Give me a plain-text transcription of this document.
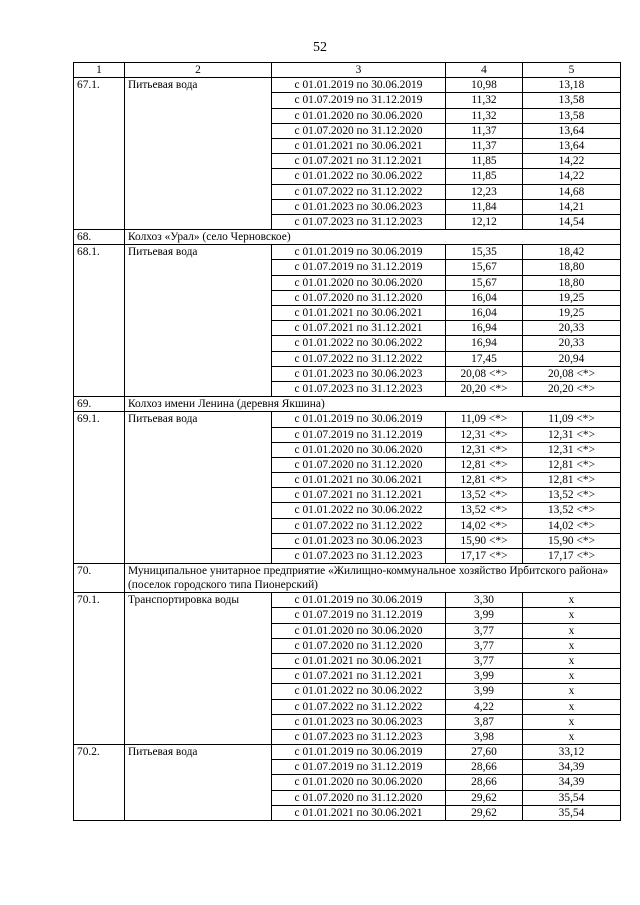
52
1	2	3	4	5
67.1.	Питьевая вода	с 01.01.2019 по 30.06.2019	10,98	13,18
		с 01.07.2019 по 31.12.2019	11,32	13,58
		с 01.01.2020 по 30.06.2020	11,32	13,58
		с 01.07.2020 по 31.12.2020	11,37	13,64
		с 01.01.2021 по 30.06.2021	11,37	13,64
		с 01.07.2021 по 31.12.2021	11,85	14,22
		с 01.01.2022 по 30.06.2022	11,85	14,22
		с 01.07.2022 по 31.12.2022	12,23	14,68
		с 01.01.2023 по 30.06.2023	11,84	14,21
		с 01.07.2023 по 31.12.2023	12,12	14,54
68.	Колхоз «Урал» (село Черновское)			
68.1.	Питьевая вода	с 01.01.2019 по 30.06.2019	15,35	18,42
		с 01.07.2019 по 31.12.2019	15,67	18,80
		с 01.01.2020 по 30.06.2020	15,67	18,80
		с 01.07.2020 по 31.12.2020	16,04	19,25
		с 01.01.2021 по 30.06.2021	16,04	19,25
		с 01.07.2021 по 31.12.2021	16,94	20,33
		с 01.01.2022 по 30.06.2022	16,94	20,33
		с 01.07.2022 по 31.12.2022	17,45	20,94
		с 01.01.2023 по 30.06.2023	20,08 <*>	20,08 <*>
		с 01.07.2023 по 31.12.2023	20,20 <*>	20,20 <*>
69.	Колхоз имени Ленина (деревня Якшина)			
69.1.	Питьевая вода	с 01.01.2019 по 30.06.2019	11,09 <*>	11,09 <*>
		с 01.07.2019 по 31.12.2019	12,31 <*>	12,31 <*>
		с 01.01.2020 по 30.06.2020	12,31 <*>	12,31 <*>
		с 01.07.2020 по 31.12.2020	12,81 <*>	12,81 <*>
		с 01.01.2021 по 30.06.2021	12,81 <*>	12,81 <*>
		с 01.07.2021 по 31.12.2021	13,52 <*>	13,52 <*>
		с 01.01.2022 по 30.06.2022	13,52 <*>	13,52 <*>
		с 01.07.2022 по 31.12.2022	14,02 <*>	14,02 <*>
		с 01.01.2023 по 30.06.2023	15,90 <*>	15,90 <*>
		с 01.07.2023 по 31.12.2023	17,17 <*>	17,17 <*>
70.	Муниципальное унитарное предприятие «Жилищно-коммунальное хозяйство Ирбитского района» (поселок городского типа Пионерский)			
70.1.	Транспортировка воды	с 01.01.2019 по 30.06.2019	3,30	x
		с 01.07.2019 по 31.12.2019	3,99	x
		с 01.01.2020 по 30.06.2020	3,77	x
		с 01.07.2020 по 31.12.2020	3,77	x
		с 01.01.2021 по 30.06.2021	3,77	x
		с 01.07.2021 по 31.12.2021	3,99	x
		с 01.01.2022 по 30.06.2022	3,99	x
		с 01.07.2022 по 31.12.2022	4,22	x
		с 01.01.2023 по 30.06.2023	3,87	x
		с 01.07.2023 по 31.12.2023	3,98	x
70.2.	Питьевая вода	с 01.01.2019 по 30.06.2019	27,60	33,12
		с 01.07.2019 по 31.12.2019	28,66	34,39
		с 01.01.2020 по 30.06.2020	28,66	34,39
		с 01.07.2020 по 31.12.2020	29,62	35,54
		с 01.01.2021 по 30.06.2021	29,62	35,54
